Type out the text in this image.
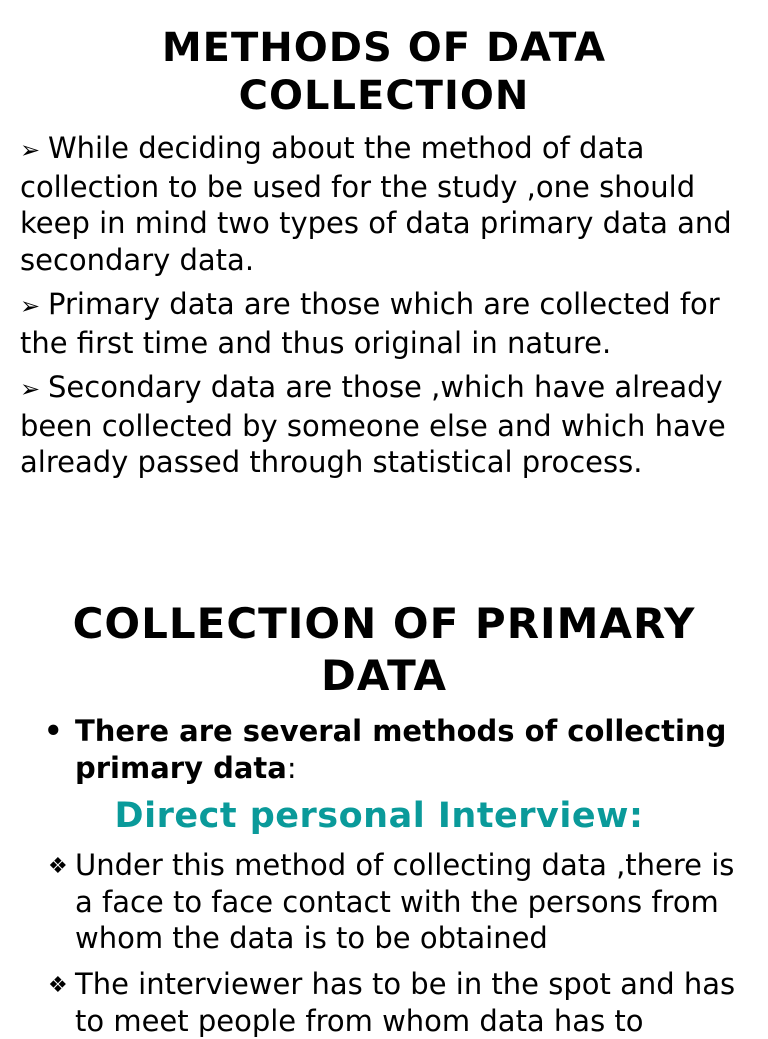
METHODS OF DATA
COLLECTION
➢ While deciding about the method of data collection to be used for the study ,one should keep in mind two types of data primary data and secondary data.
➢ Primary data are those which are collected for the first time and thus original in nature.
➢ Secondary data are those ,which have already been collected by someone else and which have already passed through statistical process.
COLLECTION OF PRIMARY
DATA
• There are several methods of collecting primary data:
Direct personal Interview:
❖ Under this method of collecting data ,there is a face to face contact with the persons from whom the data is to be obtained
❖ The interviewer has to be in the spot and has to meet people from whom data has to
